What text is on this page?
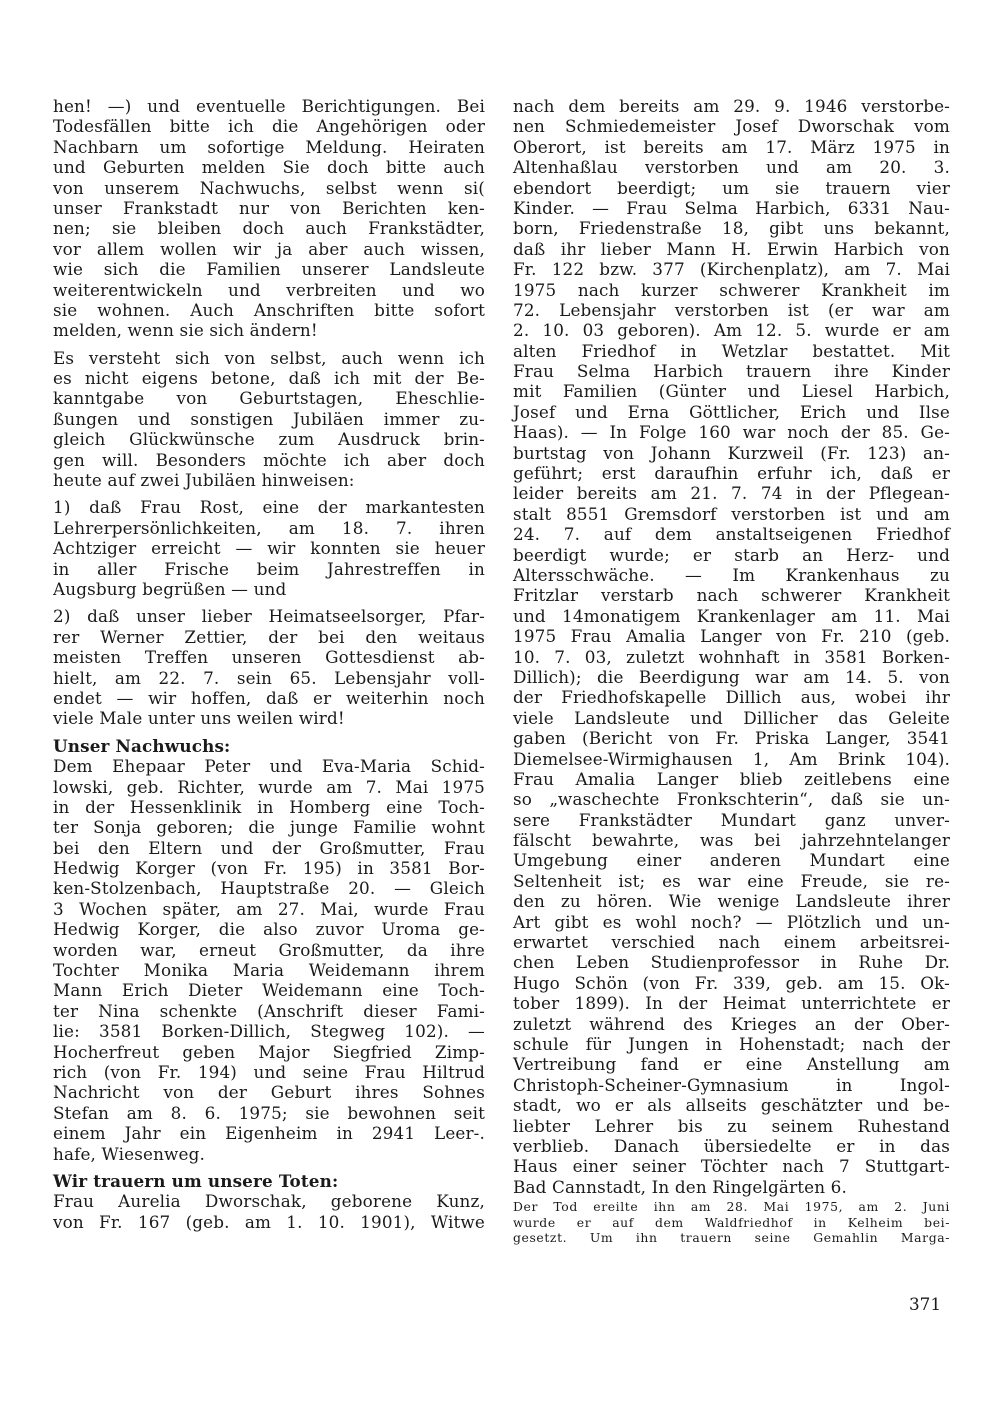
hen! —) und eventuelle Berichtigungen. Bei
Todesfällen bitte ich die Angehörigen oder
Nachbarn um sofortige Meldung. Heiraten
und Geburten melden Sie doch bitte auch
von unserem Nachwuchs, selbst wenn si(
unser Frankstadt nur von Berichten ken-
nen; sie bleiben doch auch Frankstädter,
vor allem wollen wir ja aber auch wissen,
wie sich die Familien unserer Landsleute
weiterentwickeln und verbreiten und wo
sie wohnen. Auch Anschriften bitte sofort
melden, wenn sie sich ändern!
Es versteht sich von selbst, auch wenn ich
es nicht eigens betone, daß ich mit der Be-
kanntgabe von Geburtstagen, Eheschlie-
ßungen und sonstigen Jubiläen immer zu-
gleich Glückwünsche zum Ausdruck brin-
gen will. Besonders möchte ich aber doch
heute auf zwei Jubiläen hinweisen:
1) daß Frau Rost, eine der markantesten
Lehrerpersönlichkeiten, am 18. 7. ihren
Achtziger erreicht — wir konnten sie heuer
in aller Frische beim Jahrestreffen in
Augsburg begrüßen — und
2) daß unser lieber Heimatseelsorger, Pfar-
rer Werner Zettier, der bei den weitaus
meisten Treffen unseren Gottesdienst ab-
hielt, am 22. 7. sein 65. Lebensjahr voll-
endet — wir hoffen, daß er weiterhin noch
viele Male unter uns weilen wird!
Unser Nachwuchs:
Dem Ehepaar Peter und Eva-Maria Schid-
lowski, geb. Richter, wurde am 7. Mai 1975
in der Hessenklinik in Homberg eine Toch-
ter Sonja geboren; die junge Familie wohnt
bei den Eltern und der Großmutter, Frau
Hedwig Korger (von Fr. 195) in 3581 Bor-
ken-Stolzenbach, Hauptstraße 20. — Gleich
3 Wochen später, am 27. Mai, wurde Frau
Hedwig Korger, die also zuvor Uroma ge-
worden war, erneut Großmutter, da ihre
Tochter Monika Maria Weidemann ihrem
Mann Erich Dieter Weidemann eine Toch-
ter Nina schenkte (Anschrift dieser Fami-
lie: 3581 Borken-Dillich, Stegweg 102). —
Hocherfreut geben Major Siegfried Zimp-
rich (von Fr. 194) und seine Frau Hiltrud
Nachricht von der Geburt ihres Sohnes
Stefan am 8. 6. 1975; sie bewohnen seit
einem Jahr ein Eigenheim in 2941 Leer-.
hafe, Wiesenweg.
Wir trauern um unsere Toten:
Frau Aurelia Dworschak, geborene Kunz,
von Fr. 167 (geb. am 1. 10. 1901), Witwe
nach dem bereits am 29. 9. 1946 verstorbe-
nen Schmiedemeister Josef Dworschak vom
Oberort, ist bereits am 17. März 1975 in
Altenhaßlau verstorben und am 20. 3.
ebendort beerdigt; um sie trauern vier
Kinder. — Frau Selma Harbich, 6331 Nau-
born, Friedenstraße 18, gibt uns bekannt,
daß ihr lieber Mann H. Erwin Harbich von
Fr. 122 bzw. 377 (Kirchenplatz), am 7. Mai
1975 nach kurzer schwerer Krankheit im
72. Lebensjahr verstorben ist (er war am
2. 10. 03 geboren). Am 12. 5. wurde er am
alten Friedhof in Wetzlar bestattet. Mit
Frau Selma Harbich trauern ihre Kinder
mit Familien (Günter und Liesel Harbich,
Josef und Erna Göttlicher, Erich und Ilse
Haas). — In Folge 160 war noch der 85. Ge-
burtstag von Johann Kurzweil (Fr. 123) an-
geführt; erst daraufhin erfuhr ich, daß er
leider bereits am 21. 7. 74 in der Pflegean-
stalt 8551 Gremsdorf verstorben ist und am
24. 7. auf dem anstaltseigenen Friedhof
beerdigt wurde; er starb an Herz- und
Altersschwäche. — Im Krankenhaus zu
Fritzlar verstarb nach schwerer Krankheit
und 14monatigem Krankenlager am 11. Mai
1975 Frau Amalia Langer von Fr. 210 (geb.
10. 7. 03, zuletzt wohnhaft in 3581 Borken-
Dillich); die Beerdigung war am 14. 5. von
der Friedhofskapelle Dillich aus, wobei ihr
viele Landsleute und Dillicher das Geleite
gaben (Bericht von Fr. Priska Langer, 3541
Diemelsee-Wirmighausen 1, Am Brink 104).
Frau Amalia Langer blieb zeitlebens eine
so „waschechte Fronkschterin“, daß sie un-
sere Frankstädter Mundart ganz unver-
fälscht bewahrte, was bei jahrzehntelanger
Umgebung einer anderen Mundart eine
Seltenheit ist; es war eine Freude, sie re-
den zu hören. Wie wenige Landsleute ihrer
Art gibt es wohl noch? — Plötzlich und un-
erwartet verschied nach einem arbeitsrei-
chen Leben Studienprofessor in Ruhe Dr.
Hugo Schön (von Fr. 339, geb. am 15. Ok-
tober 1899). In der Heimat unterrichtete er
zuletzt während des Krieges an der Ober-
schule für Jungen in Hohenstadt; nach der
Vertreibung fand er eine Anstellung am
Christoph-Scheiner-Gymnasium in Ingol-
stadt, wo er als allseits geschätzter und be-
liebter Lehrer bis zu seinem Ruhestand
verblieb. Danach übersiedelte er in das
Haus einer seiner Töchter nach 7 Stuttgart-
Bad Cannstadt, In den Ringelgärten 6.
Der Tod ereilte ihn am 28. Mai 1975, am 2. Juni
wurde er auf dem Waldfriedhof in Kelheim bei-
gesetzt. Um ihn trauern seine Gemahlin Marga-
371
